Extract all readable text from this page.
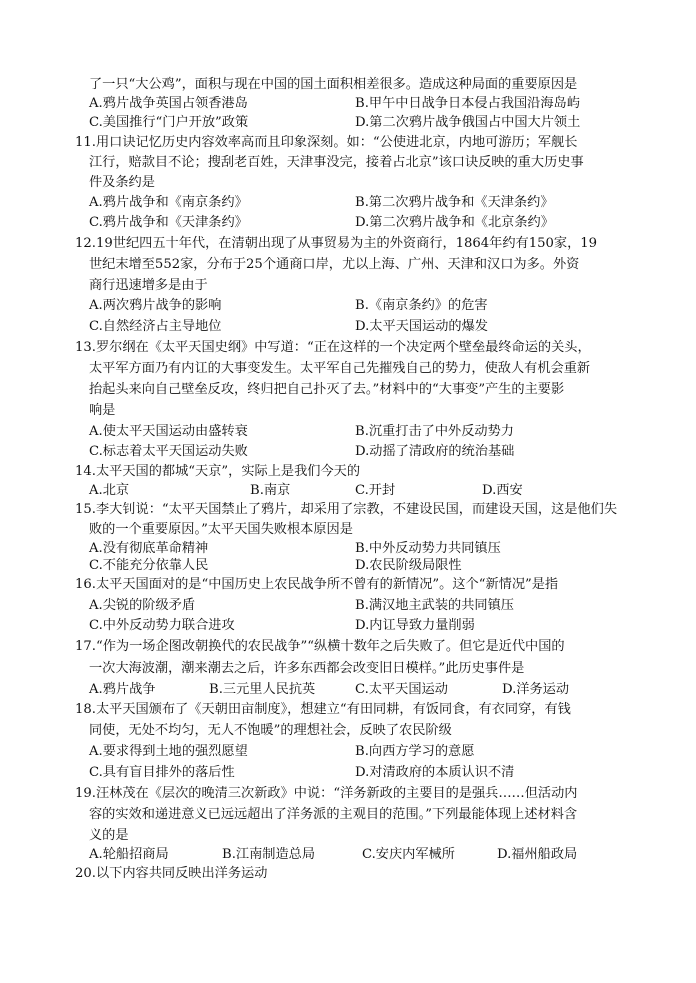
了一只“大公鸡”，面积与现在中国的国土面积相差很多。造成这种局面的重要原因是
A.鸦片战争英国占领香港岛	B.甲午中日战争日本侵占我国沿海岛屿
C.美国推行“门户开放”政策	D.第二次鸦片战争俄国占中国大片领土
11.用口诀记忆历史内容效率高而且印象深刻。如：“公使进北京，内地可游历；军舰长
江行，赔款目不论；搜刮老百姓，天津事没完，接着占北京”该口诀反映的重大历史事
件及条约是
A.鸦片战争和《南京条约》	B.第二次鸦片战争和《天津条约》
C.鸦片战争和《天津条约》	D.第二次鸦片战争和《北京条约》
12.19世纪四五十年代，在清朝出现了从事贸易为主的外资商行，1864年约有150家，19
世纪末增至552家，分布于25个通商口岸，尤以上海、广州、天津和汉口为多。外资
商行迅速增多是由于
A.两次鸦片战争的影响	B.《南京条约》的危害
C.自然经济占主导地位	D.太平天国运动的爆发
13.罗尔纲在《太平天国史纲》中写道：“正在这样的一个决定两个壁垒最终命运的关头，
太平军方面乃有内讧的大事变发生。太平军自己先摧残自己的势力，使敌人有机会重新
抬起头来向自己壁垒反攻，终归把自己扑灭了去。”材料中的“大事变”产生的主要影
响是
A.使太平天国运动由盛转衰	B.沉重打击了中外反动势力
C.标志着太平天国运动失败	D.动摇了清政府的统治基础
14.太平天国的都城“天京”，实际上是我们今天的
A.北京	B.南京	C.开封	D.西安
15.李大钊说：“太平天国禁止了鸦片，却采用了宗教，不建设民国，而建设天国，这是他们失
败的一个重要原因。”太平天国失败根本原因是
A.没有彻底革命精神	B.中外反动势力共同镇压
C.不能充分依靠人民	D.农民阶级局限性
16.太平天国面对的是“中国历史上农民战争所不曾有的新情况”。这个“新情况”是指
A.尖锐的阶级矛盾	B.满汉地主武装的共同镇压
C.中外反动势力联合进攻	D.内讧导致力量削弱
17.“作为一场企图改朝换代的农民战争”“纵横十数年之后失败了。但它是近代中国的
一次大海波潮，潮来潮去之后，许多东西都会改变旧日模样。”此历史事件是
A.鸦片战争	B.三元里人民抗英	C.太平天国运动	D.洋务运动
18.太平天国颁布了《天朝田亩制度》，想建立“有田同耕，有饭同食，有衣同穿，有钱
同使，无处不均匀，无人不饱暖”的理想社会，反映了农民阶级
A.要求得到土地的强烈愿望	B.向西方学习的意愿
C.具有盲目排外的落后性	D.对清政府的本质认识不清
19.汪林茂在《层次的晚清三次新政》中说：“洋务新政的主要目的是强兵……但活动内
容的实效和递进意义已远远超出了洋务派的主观目的范围。”下列最能体现上述材料含
义的是
A.轮船招商局	B.江南制造总局	C.安庆内军械所	D.福州船政局
20.以下内容共同反映出洋务运动
